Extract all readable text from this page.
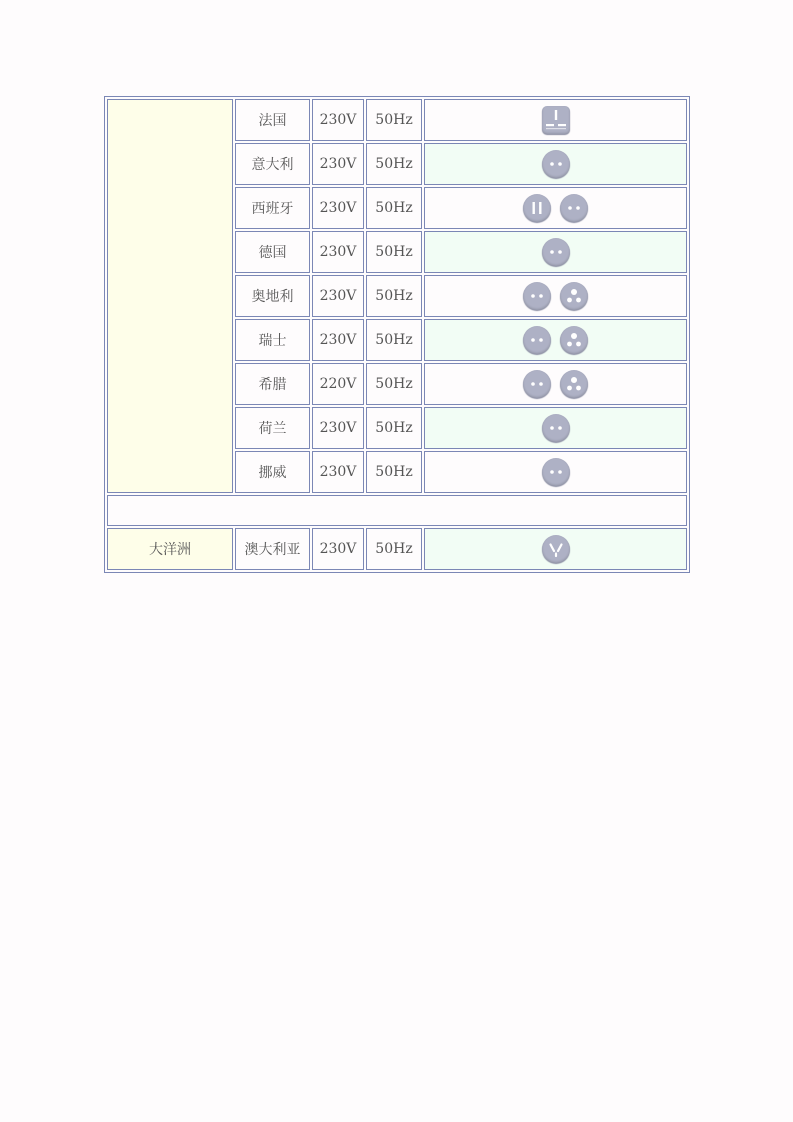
	法国	230V	50Hz	

	意大利	230V	50Hz	

	西班牙	230V	50Hz	

	德国	230V	50Hz	

	奥地利	230V	50Hz	

	瑞士	230V	50Hz	

	希腊	220V	50Hz	

	荷兰	230V	50Hz	

	挪威	230V	50Hz	

大洋洲	澳大利亚	230V	50Hz	
